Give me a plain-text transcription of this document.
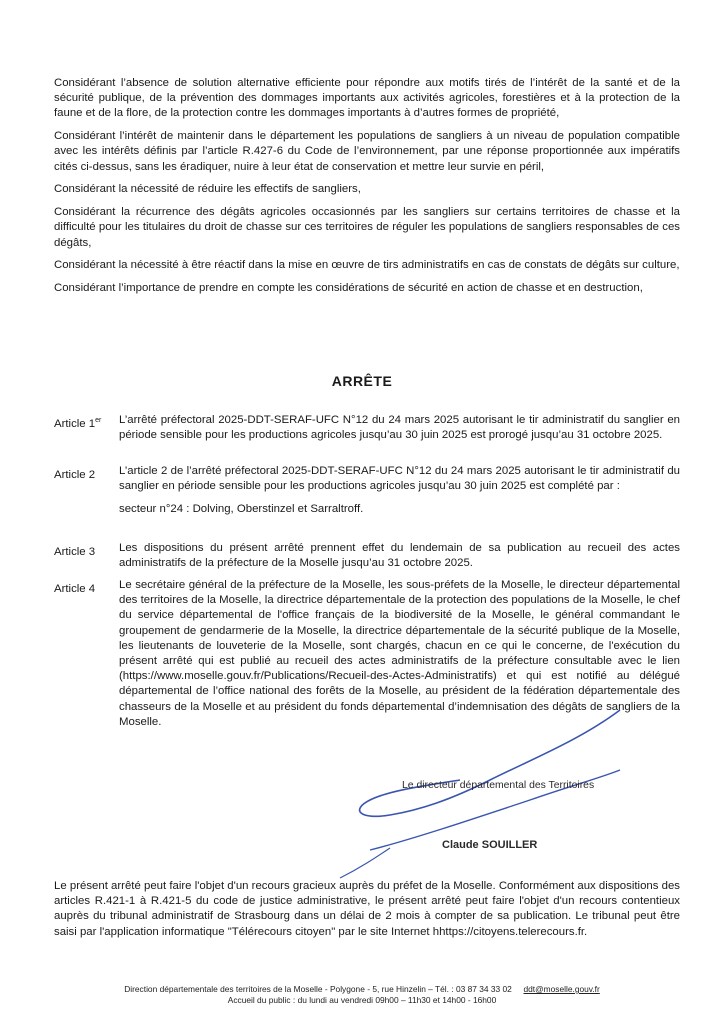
Considérant l’absence de solution alternative efficiente pour répondre aux motifs tirés de l’intérêt de la santé et de la sécurité publique, de la prévention des dommages importants aux activités agricoles, forestières et à la protection de la faune et de la flore, de la protection contre les dommages importants à d’autres formes de propriété,

Considérant l’intérêt de maintenir dans le département les populations de sangliers à un niveau de population compatible avec les intérêts définis par l’article R.427-6 du Code de l’environnement, par une réponse proportionnée aux impératifs cités ci-dessus, sans les éradiquer, nuire à leur état de conservation et mettre leur survie en péril,

Considérant la nécessité de réduire les effectifs de sangliers,

Considérant la récurrence des dégâts agricoles occasionnés par les sangliers sur certains territoires de chasse et la difficulté pour les titulaires du droit de chasse sur ces territoires de réguler les populations de sangliers responsables de ces dégâts,

Considérant la nécessité à être réactif dans la mise en œuvre de tirs administratifs en cas de constats de dégâts sur culture,

Considérant l’importance de prendre en compte les considérations de sécurité en action de chasse et en destruction,

ARRÊTE
Article 1er	L’arrêté préfectoral 2025-DDT-SERAF-UFC N°12 du 24 mars 2025 autorisant le tir administratif du sanglier en période sensible pour les productions agricoles jusqu’au 30 juin 2025 est prorogé jusqu’au 31 octobre 2025.

Article 2	L’article 2 de l’arrêté préfectoral 2025-DDT-SERAF-UFC N°12 du 24 mars 2025 autorisant le tir administratif du sanglier en période sensible pour les productions agricoles jusqu’au 30 juin 2025 est complété par :

secteur n°24 : Dolving, Oberstinzel et Sarraltroff.

Article 3	Les dispositions du présent arrêté prennent effet du lendemain de sa publication au recueil des actes administratifs de la préfecture de la Moselle jusqu’au 31 octobre 2025.

Article 4	Le secrétaire général de la préfecture de la Moselle, les sous-préfets de la Moselle, le directeur départemental des territoires de la Moselle, la directrice départementale de la protection des populations de la Moselle, le chef du service départemental de l'office français de la biodiversité de la Moselle, le général commandant le groupement de gendarmerie de la Moselle, la directrice départementale de la sécurité publique de la Moselle, les lieutenants de louveterie de la Moselle, sont chargés, chacun en ce qui le concerne, de l'exécution du présent arrêté qui est publié au recueil des actes administratifs de la préfecture consultable avec le lien (https://www.moselle.gouv.fr/Publications/Recueil-des-Actes-Administratifs) et qui est notifié au délégué départemental de l’office national des forêts de la Moselle, au président de la fédération départementale des chasseurs de la Moselle et au président du fonds départemental d’indemnisation des dégâts de sangliers de la Moselle.

Le directeur départemental des Territoires
Claude SOUILLER

Le présent arrêté peut faire l'objet d'un recours gracieux auprès du préfet de la Moselle. Conformément aux dispositions des articles R.421-1 à R.421-5 du code de justice administrative, le présent arrêté peut faire l'objet d'un recours contentieux auprès du tribunal administratif de Strasbourg dans un délai de 2 mois à compter de sa publication. Le tribunal peut être saisi par l'application informatique "Télérecours citoyen" par le site Internet hhttps://citoyens.telerecours.fr.

Direction départementale des territoires de la Moselle - Polygone - 5, rue Hinzelin – Tél. : 03 87 34 33 02 ddt@moselle.gouv.fr
Accueil du public : du lundi au vendredi 09h00 – 11h30 et 14h00 - 16h00
